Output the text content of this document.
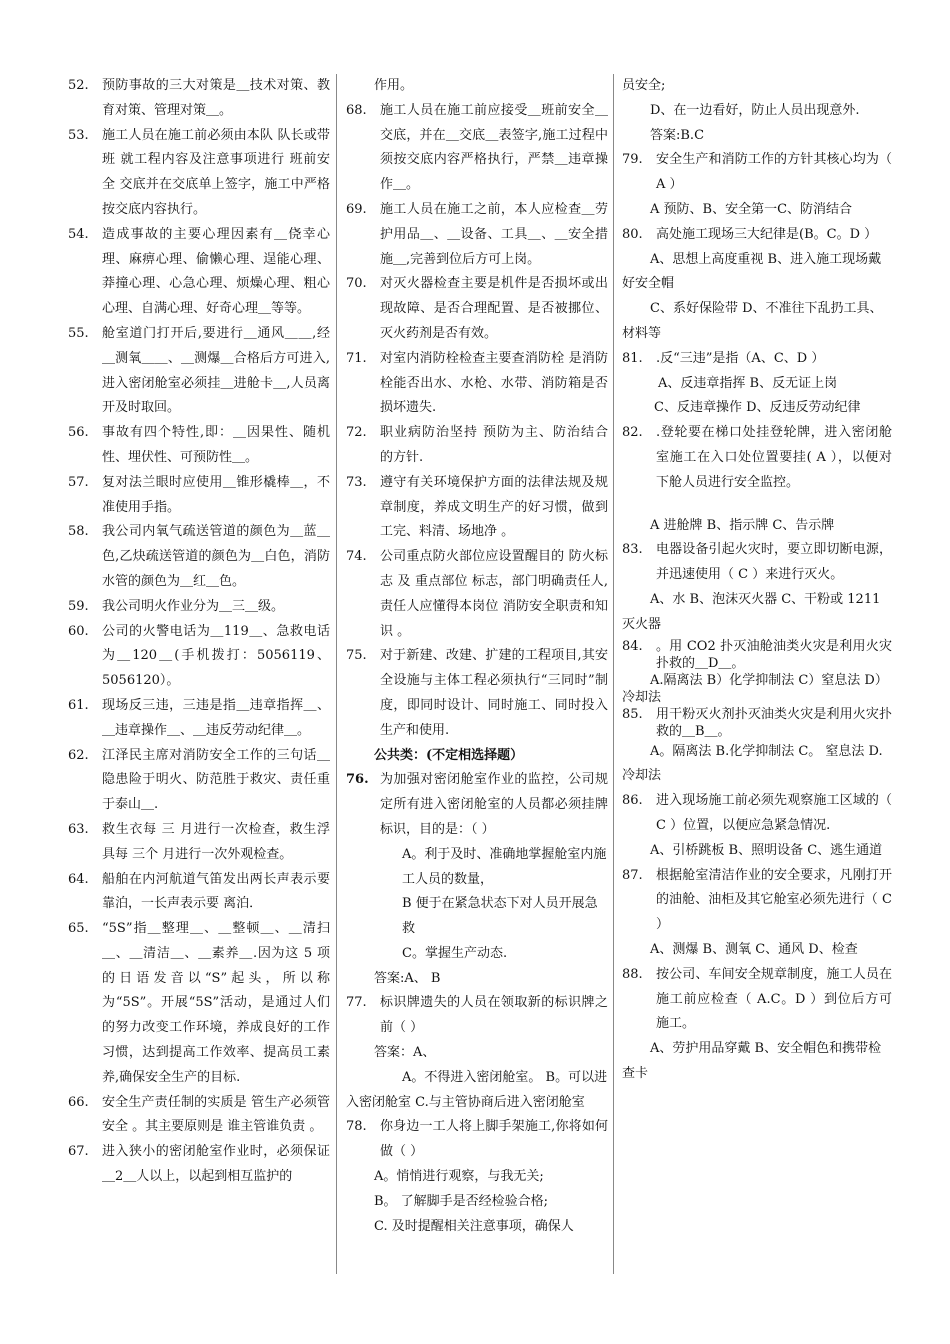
52. 预防事故的三大对策是＿技术对策、教育对策、管理对策＿。
53. 施工人员在施工前必须由本队 队长或带班 就工程内容及注意事项进行 班前安全 交底并在交底单上签字，施工中严格按交底内容执行。
54. 造成事故的主要心理因素有＿侥幸心理、麻痹心理、偷懒心理、逞能心理、莽撞心理、心急心理、烦燥心理、粗心心理、自满心理、好奇心理＿等等。
55. 舱室道门打开后,要进行＿通风＿＿,经＿测氧＿＿、＿测爆＿合格后方可进入,进入密闭舱室必须挂＿进舱卡＿,人员离开及时取回。
56. 事故有四个特性,即：＿因果性、随机性、埋伏性、可预防性＿。
57. 复对法兰眼时应使用＿锥形橇棒＿，不准使用手指。
58. 我公司内氧气疏送管道的颜色为＿蓝＿色,乙炔疏送管道的颜色为＿白色，消防水管的颜色为＿红＿色。
59. 我公司明火作业分为＿三＿级。
60. 公司的火警电话为＿119＿、急救电话为＿120＿(手机拨打：5056119、5056120）。
61. 现场反三违，三违是指＿违章指挥＿、＿违章操作＿、＿违反劳动纪律＿。
62. 江泽民主席对消防安全工作的三句话＿隐患险于明火、防范胜于救灾、责任重于泰山＿.
63. 救生衣每 三 月进行一次检查，救生浮具每 三个 月进行一次外观检查。
64. 船舶在内河航道气笛发出两长声表示要 靠泊，一长声表示要 离泊．
65. “5S”指＿整理＿、＿整顿＿、＿清扫＿、＿清洁＿、＿素养＿.因为这 5 项的日语发音以“S”起头，所以称为“5S”。开展“5S”活动，是通过人们的努力改变工作环境，养成良好的工作习惯，达到提高工作效率、提高员工素养,确保安全生产的目标.
66. 安全生产责任制的实质是 管生产必须管安全 。其主要原则是 谁主管谁负责 。
67. 进入狭小的密闭舱室作业时，必须保证＿2＿人以上，以起到相互监护的

作用。

68. 施工人员在施工前应接受＿班前安全＿交底，并在＿交底＿表签字,施工过程中须按交底内容严格执行，严禁＿违章操作＿。
69. 施工人员在施工之前，本人应检查＿劳护用品＿、＿设备、工具＿、＿安全措施＿,完善到位后方可上岗。
70. 对灭火器检查主要是机件是否损坏或出现故障、是否合理配置、是否被挪位、灭火药剂是否有效。
71. 对室内消防栓检查主要查消防栓 是消防栓能否出水、水枪、水带、消防箱是否损坏遗失.
72. 职业病防治坚持 预防为主、防治结合 的方针.
73. 遵守有关环境保护方面的法律法规及规章制度，养成文明生产的好习惯，做到 工完、料清、场地净 。
74. 公司重点防火部位应设置醒目的 防火标志 及 重点部位 标志，部门明确责任人,责任人应懂得本岗位 消防安全职责和知识 。
75. 对于新建、改建、扩建的工程项目,其安全设施与主体工程必须执行“三同时”制度，即同时设计、同时施工、同时投入生产和使用.

公共类：(不定相选择题）

76. 为加强对密闭舱室作业的监控，公司规定所有进入密闭舱室的人员都必须挂牌标识，目的是：（ ）

A。利于及时、准确地掌握舱室内施工人员的数量，

B 便于在紧急状态下对人员开展急救

C。掌握生产动态.

答案:A、 B

77. 标识牌遗失的人员在领取新的标识牌之前（ ）

答案：A、

A。不得进入密闭舱室。 B。可以进入密闭舱室 C.与主管协商后进入密闭舱室

78. 你身边一工人将上脚手架施工,你将如何做（ ）

A。悄悄进行观察，与我无关;

B。 了解脚手是否经检验合格;

C. 及时提醒相关注意事项，确保人

员安全;

D、在一边看好，防止人员出现意外.

答案:B.C

79. 安全生产和消防工作的方针其核心均为（ A ）

A 预防、B、安全第一C、防消结合

80. 高处施工现场三大纪律是(B。C。D ）

A、思想上高度重视 B、进入施工现场戴好安全帽

C、系好保险带 D、不准往下乱扔工具、材料等

81. .反“三违”是指（A、C、D ）

A、反违章指挥 B、反无证上岗

C、反违章操作 D、反违反劳动纪律

82. .登轮要在梯口处挂登轮牌，进入密闭舱室施工在入口处位置要挂( A ），以便对下舱人员进行安全监控。

A 进舱牌 B、指示牌 C、告示牌

83. 电器设备引起火灾时，要立即切断电源，并迅速使用（ C ）来进行灭火。

A、水 B、泡沫灭火器 C、干粉或 1211 灭火器

84. 。用 CO2 扑灭油舱油类火灾是利用火灾扑救的＿D＿。

A.隔离法 B）化学抑制法 C）窒息法 D）冷却法

85. 用干粉灭火剂扑灭油类火灾是利用火灾扑救的＿B＿。

A。隔离法 B.化学抑制法 C。 窒息法 D.冷却法

86. 进入现场施工前必须先观察施工区域的（ C ）位置，以便应急紧急情况.

A、引桥跳板 B、照明设备 C、逃生通道

87. 根据舱室清洁作业的安全要求，凡刚打开的油舱、油柜及其它舱室必须先进行（ C ）

A、测爆 B、测氧 C、通风 D、检查

88. 按公司、车间安全规章制度，施工人员在施工前应检查（ A.C。D ）到位后方可施工。

A、劳护用品穿戴 B、安全帽色和携带检查卡
